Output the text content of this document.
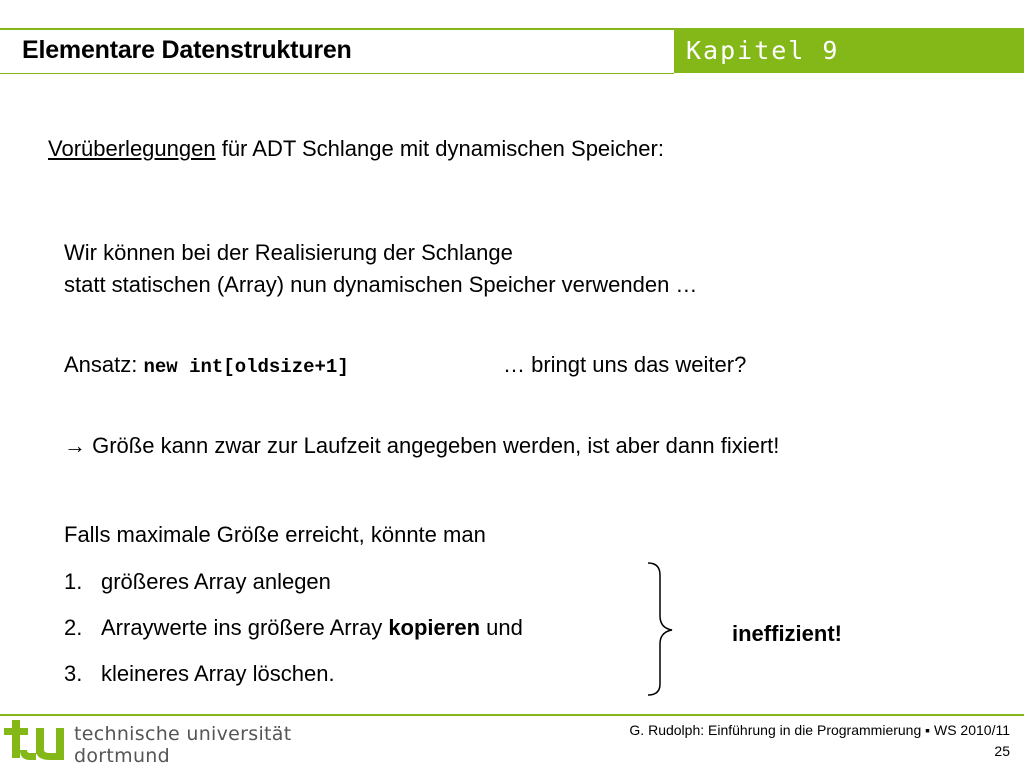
Elementare Datenstrukturen	Kapitel 9
Vorüberlegungen für ADT Schlange mit dynamischen Speicher:
Wir können bei der Realisierung der Schlange
statt statischen (Array) nun dynamischen Speicher verwenden …
Ansatz: new int[oldsize+1]	… bringt uns das weiter?
→ Größe kann zwar zur Laufzeit angegeben werden, ist aber dann fixiert!
Falls maximale Größe erreicht, könnte man
1. größeres Array anlegen
2. Arraywerte ins größere Array kopieren und
3. kleineres Array löschen.
ineffizient!
technische universität
dortmund
G. Rudolph: Einführung in die Programmierung ▪ WS 2010/11
25
